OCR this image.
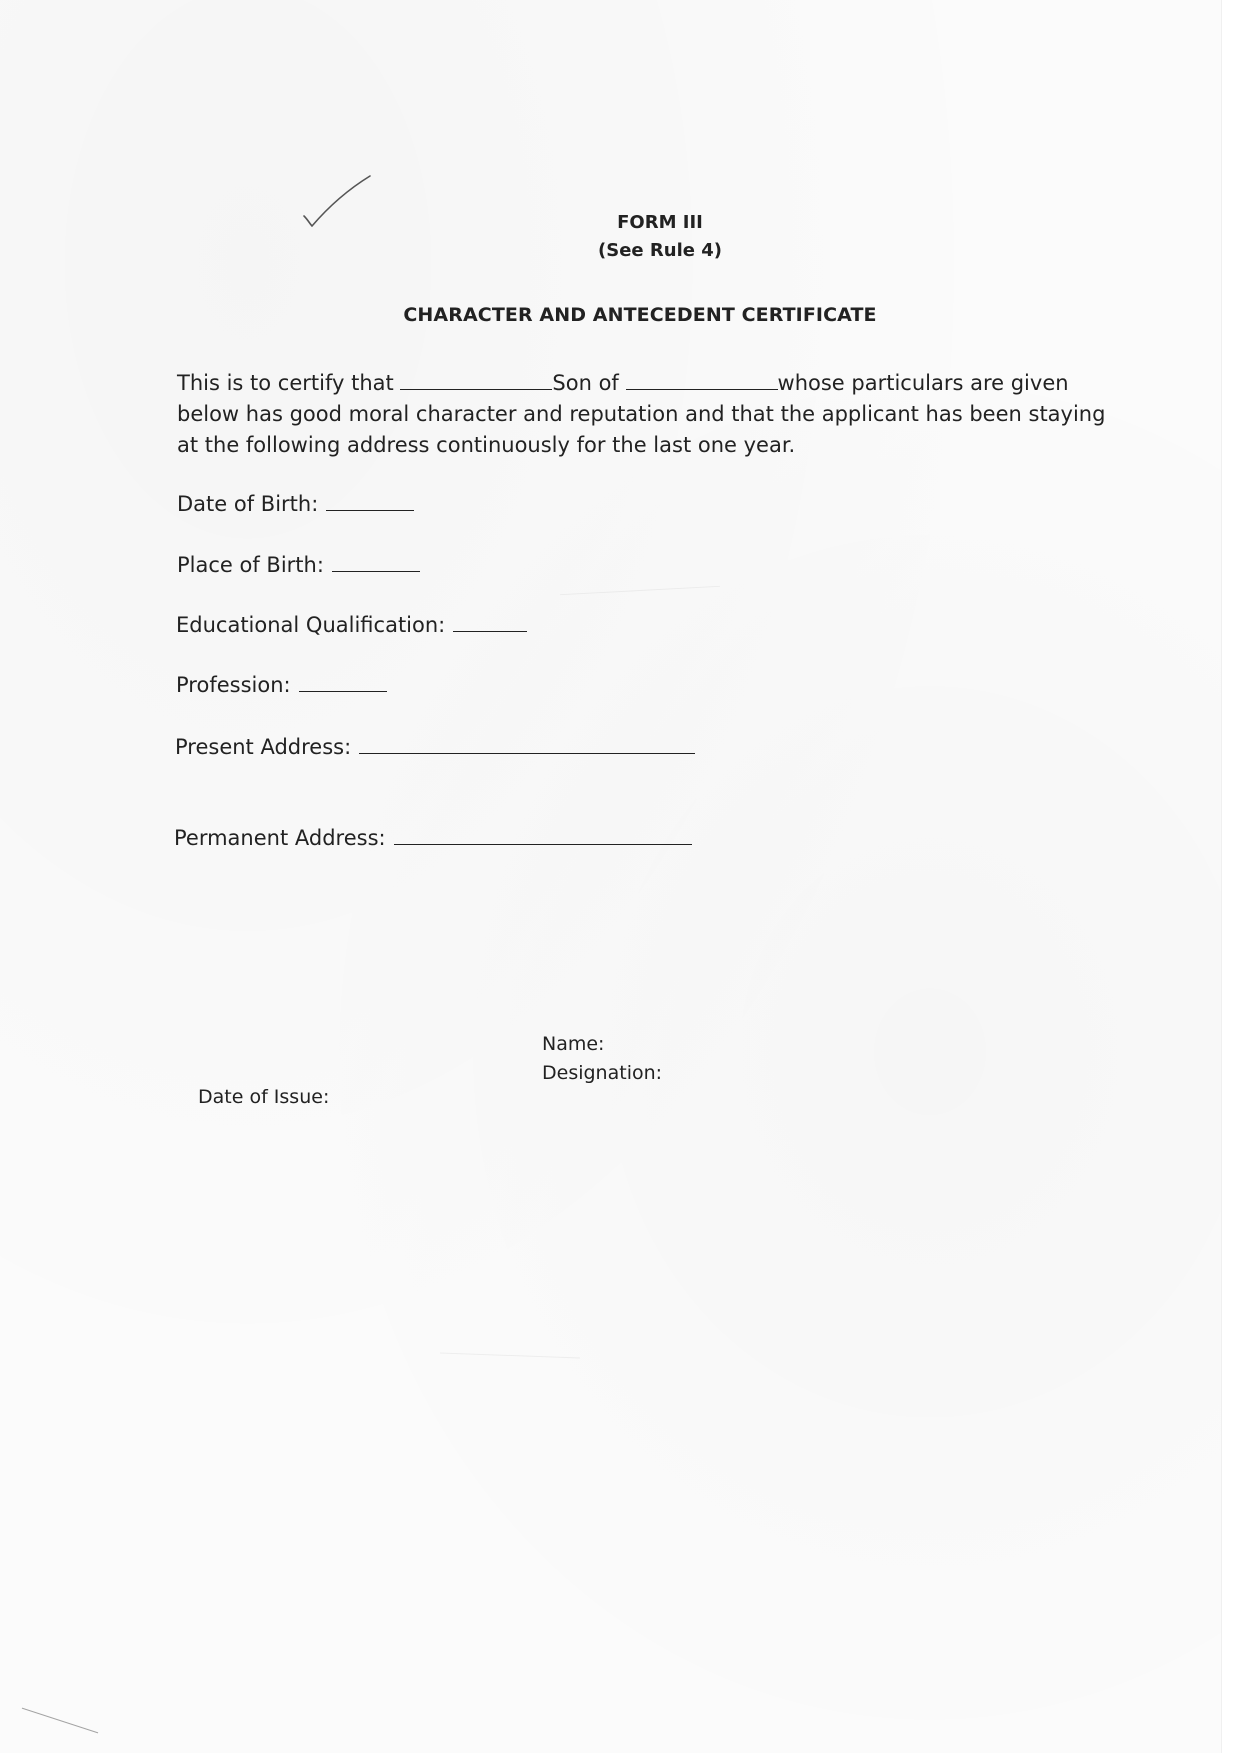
FORM III
(See Rule 4)
CHARACTER AND ANTECEDENT CERTIFICATE
This is to certify that	Son of	whose particulars are given below has good moral character and reputation and that the applicant has been staying at the following address continuously for the last one year.
Date of Birth:
Place of Birth:
Educational Qualification:
Profession:
Present Address:
Permanent Address:
Name:
Designation:
Date of Issue:
